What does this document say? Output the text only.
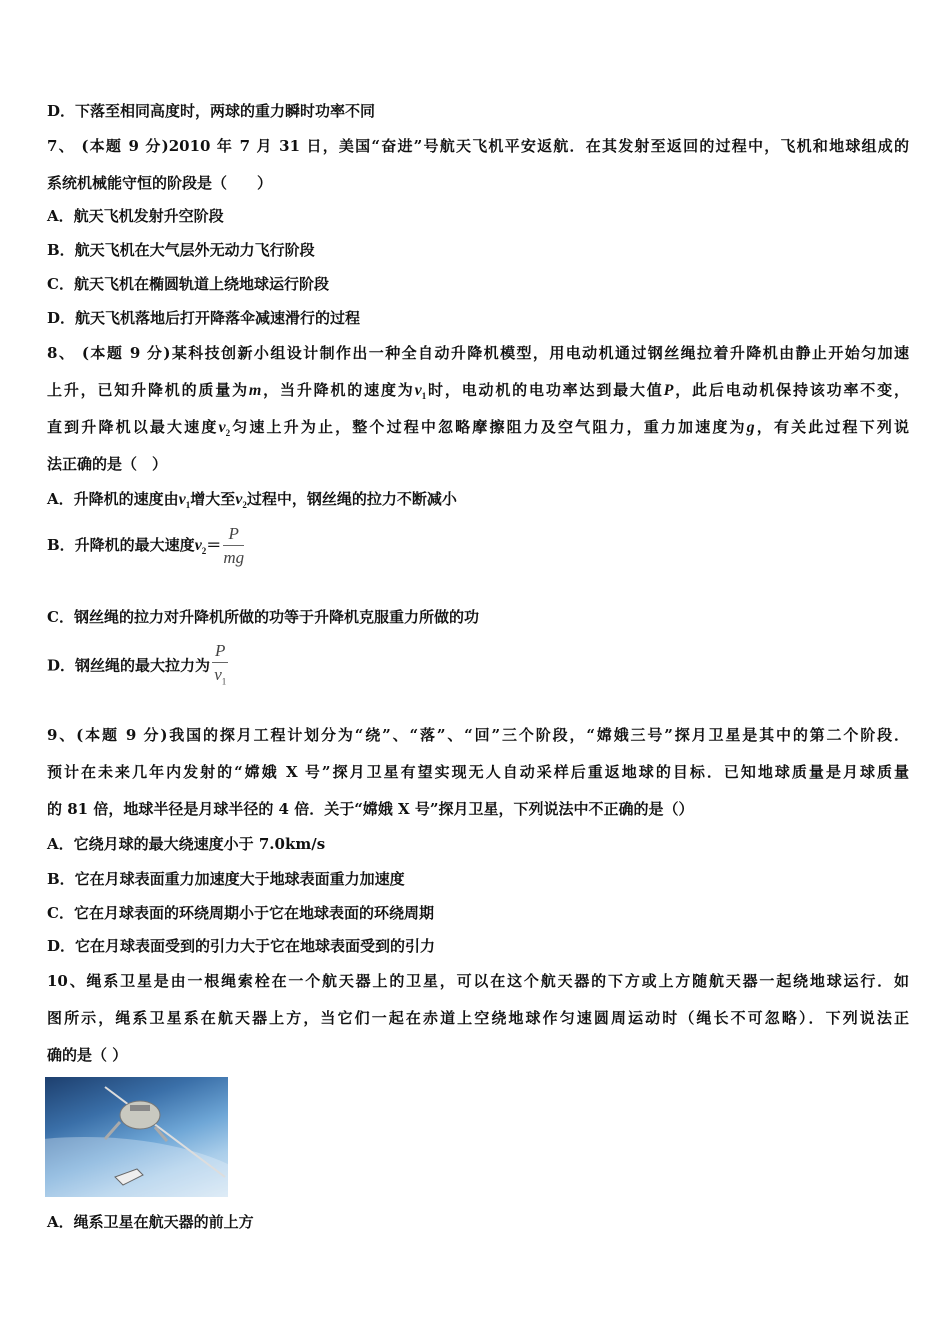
D．下落至相同高度时，两球的重力瞬时功率不同
7、 (本题 9 分)2010 年 7 月 31 日，美国“奋进”号航天飞机平安返航．在其发射至返回的过程中，飞机和地球组成的
系统机械能守恒的阶段是（　　）
A．航天飞机发射升空阶段
B．航天飞机在大气层外无动力飞行阶段
C．航天飞机在椭圆轨道上绕地球运行阶段
D．航天飞机落地后打开降落伞减速滑行的过程
8、 (本题 9 分)某科技创新小组设计制作出一种全自动升降机模型，用电动机通过钢丝绳拉着升降机由静止开始匀加速
上升，已知升降机的质量为m，当升降机的速度为$v_1$时，电动机的电功率达到最大值P，此后电动机保持该功率不变，
直到升降机以最大速度$v_2$匀速上升为止，整个过程中忽略摩擦阻力及空气阻力，重力加速度为g，有关此过程下列说
法正确的是（　）
A．升降机的速度由$v_1$增大至$v_2$过程中，钢丝绳的拉力不断减小
B．升降机的最大速度$v_2= \frac{P}{mg}$
C．钢丝绳的拉力对升降机所做的功等于升降机克服重力所做的功
D．钢丝绳的最大拉力为 $\frac{P}{v_1}$
9、(本题 9 分)我国的探月工程计划分为“绕”、“落”、“回”三个阶段，“嫦娥三号”探月卫星是其中的第二个阶段．
预计在未来几年内发射的“嫦娥 X 号”探月卫星有望实现无人自动采样后重返地球的目标．已知地球质量是月球质量
的 81 倍，地球半径是月球半径的 4 倍．关于“嫦娥 X 号”探月卫星，下列说法中不正确的是（）
A．它绕月球的最大绕速度小于 7.0km/s
B．它在月球表面重力加速度大于地球表面重力加速度
C．它在月球表面的环绕周期小于它在地球表面的环绕周期
D．它在月球表面受到的引力大于它在地球表面受到的引力
10、绳系卫星是由一根绳索栓在一个航天器上的卫星，可以在这个航天器的下方或上方随航天器一起绕地球运行．如
图所示，绳系卫星系在航天器上方，当它们一起在赤道上空绕地球作匀速圆周运动时（绳长不可忽略）．下列说法正
确的是（ ）
A．绳系卫星在航天器的前上方
